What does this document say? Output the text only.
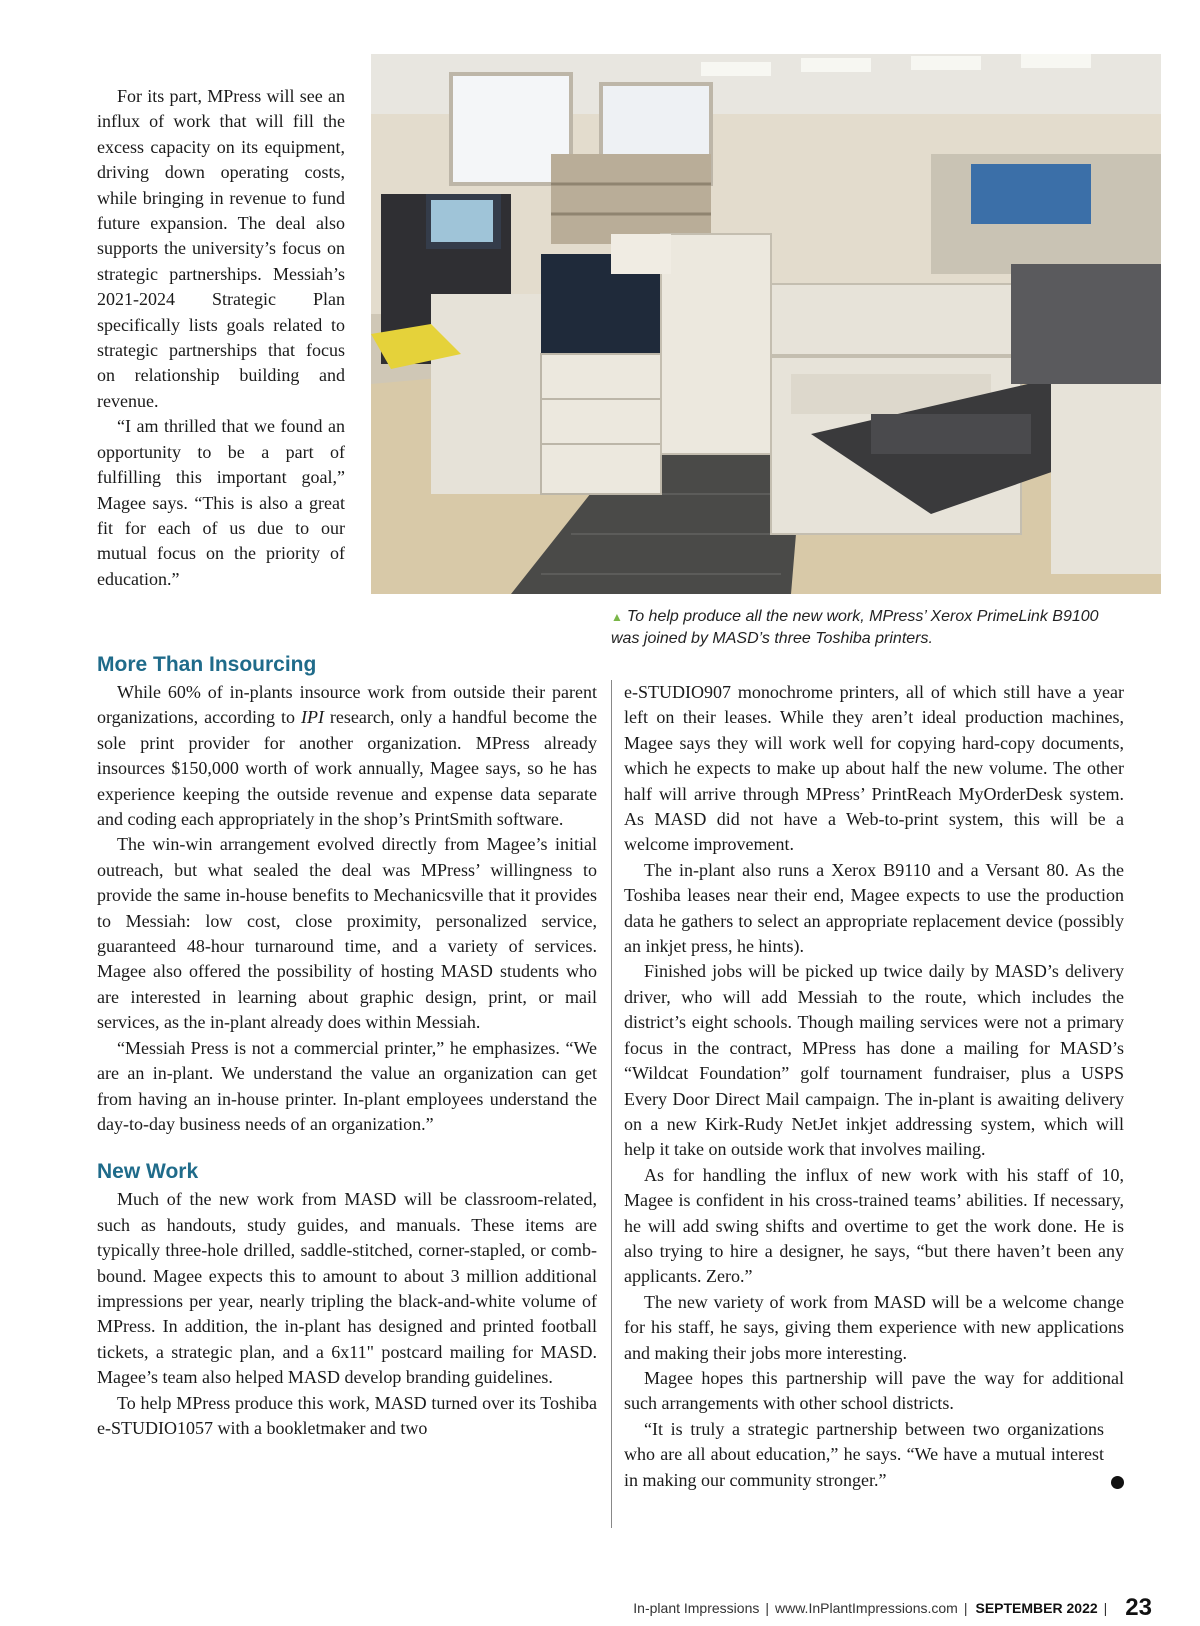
For its part, MPress will see an influx of work that will fill the excess capacity on its equipment, driving down operating costs, while bringing in revenue to fund future expansion. The deal also supports the university’s focus on strategic partnerships. Messiah’s 2021-2024 Strategic Plan specifically lists goals related to strategic partnerships that focus on relationship building and revenue.

“I am thrilled that we found an opportunity to be a part of fulfilling this important goal,” Magee says. “This is also a great fit for each of us due to our mutual focus on the priority of education.”

▲ To help produce all the new work, MPress’ Xerox PrimeLink B9100 was joined by MASD’s three Toshiba printers.
More Than Insourcing

While 60% of in-plants insource work from outside their parent organizations, according to IPI research, only a handful become the sole print provider for another organization. MPress already insources $150,000 worth of work annually, Magee says, so he has experience keeping the outside revenue and expense data separate and coding each appropriately in the shop’s PrintSmith software.

The win-win arrangement evolved directly from Magee’s initial outreach, but what sealed the deal was MPress’ willingness to provide the same in-house benefits to Mechanicsville that it provides to Messiah: low cost, close proximity, personalized service, guaranteed 48-hour turnaround time, and a variety of services. Magee also offered the possibility of hosting MASD students who are interested in learning about graphic design, print, or mail services, as the in-plant already does within Messiah.

“Messiah Press is not a commercial printer,” he emphasizes. “We are an in-plant. We understand the value an organization can get from having an in-house printer. In-plant employees understand the day-to-day business needs of an organization.”

New Work

Much of the new work from MASD will be classroom-related, such as handouts, study guides, and manuals. These items are typically three-hole drilled, saddle-stitched, corner-stapled, or comb-bound. Magee expects this to amount to about 3 million additional impressions per year, nearly tripling the black-and-white volume of MPress. In addition, the in-plant has designed and printed football tickets, a strategic plan, and a 6x11" postcard mailing for MASD. Magee’s team also helped MASD develop branding guidelines.

To help MPress produce this work, MASD turned over its Toshiba e-STUDIO1057 with a bookletmaker and two

e-STUDIO907 monochrome printers, all of which still have a year left on their leases. While they aren’t ideal production machines, Magee says they will work well for copying hard-copy documents, which he expects to make up about half the new volume. The other half will arrive through MPress’ PrintReach MyOrderDesk system. As MASD did not have a Web-to-print system, this will be a welcome improvement.

The in-plant also runs a Xerox B9110 and a Versant 80. As the Toshiba leases near their end, Magee expects to use the production data he gathers to select an appropriate replacement device (possibly an inkjet press, he hints).

Finished jobs will be picked up twice daily by MASD’s delivery driver, who will add Messiah to the route, which includes the district’s eight schools. Though mailing services were not a primary focus in the contract, MPress has done a mailing for MASD’s “Wildcat Foundation” golf tournament fundraiser, plus a USPS Every Door Direct Mail campaign. The in-plant is awaiting delivery on a new Kirk-Rudy NetJet inkjet addressing system, which will help it take on outside work that involves mailing.

As for handling the influx of new work with his staff of 10, Magee is confident in his cross-trained teams’ abilities. If necessary, he will add swing shifts and overtime to get the work done. He is also trying to hire a designer, he says, “but there haven’t been any applicants. Zero.”

The new variety of work from MASD will be a welcome change for his staff, he says, giving them experience with new applications and making their jobs more interesting.

Magee hopes this partnership will pave the way for additional such arrangements with other school districts.

“It is truly a strategic partnership between two organizations who are all about education,” he says. “We have a mutual interest in making our community stronger.”

In-plant Impressions | www.InPlantImpressions.com | SEPTEMBER 2022 | 23
